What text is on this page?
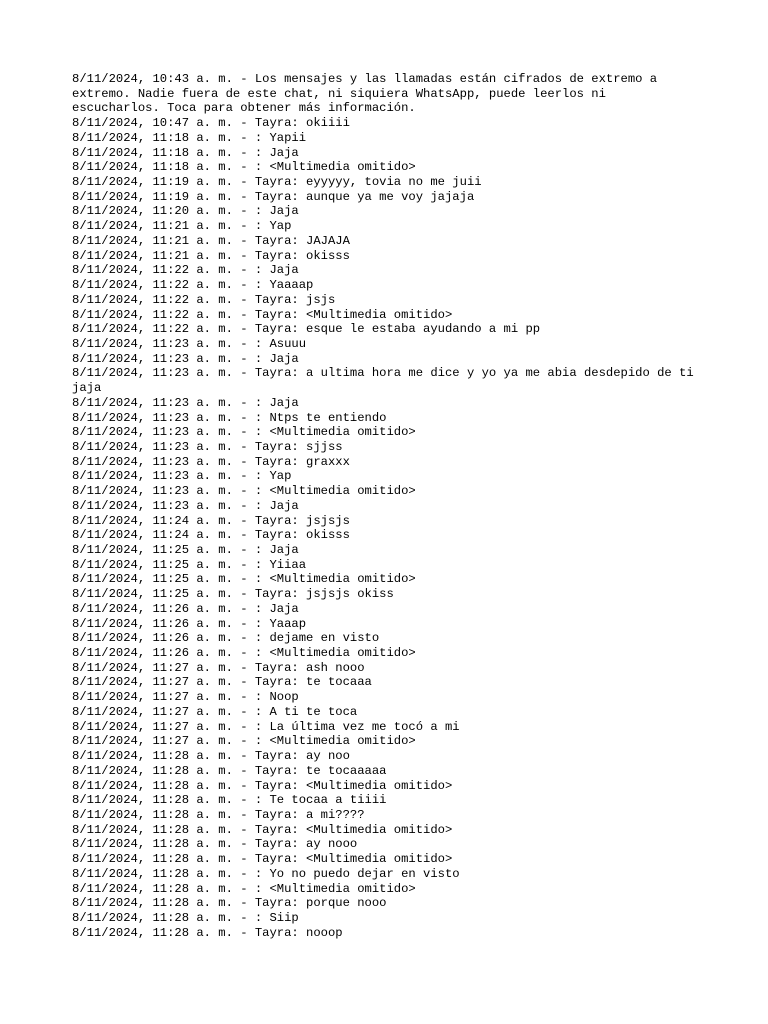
8/11/2024, 10:43 a. m. - Los mensajes y las llamadas están cifrados de extremo a extremo. Nadie fuera de este chat, ni siquiera WhatsApp, puede leerlos ni escucharlos. Toca para obtener más información.

8/11/2024, 10:47 a. m. - Tayra: okiiii

8/11/2024, 11:18 a. m. - : Yapii

8/11/2024, 11:18 a. m. - : Jaja

8/11/2024, 11:18 a. m. - : <Multimedia omitido>

8/11/2024, 11:19 a. m. - Tayra: eyyyyy, tovia no me juii

8/11/2024, 11:19 a. m. - Tayra: aunque ya me voy jajaja

8/11/2024, 11:20 a. m. - : Jaja

8/11/2024, 11:21 a. m. - : Yap

8/11/2024, 11:21 a. m. - Tayra: JAJAJA

8/11/2024, 11:21 a. m. - Tayra: okisss

8/11/2024, 11:22 a. m. - : Jaja

8/11/2024, 11:22 a. m. - : Yaaaap

8/11/2024, 11:22 a. m. - Tayra: jsjs

8/11/2024, 11:22 a. m. - Tayra: <Multimedia omitido>

8/11/2024, 11:22 a. m. - Tayra: esque le estaba ayudando a mi pp

8/11/2024, 11:23 a. m. - : Asuuu

8/11/2024, 11:23 a. m. - : Jaja

8/11/2024, 11:23 a. m. - Tayra: a ultima hora me dice y yo ya me abia desdepido de ti jaja

8/11/2024, 11:23 a. m. - : Jaja

8/11/2024, 11:23 a. m. - : Ntps te entiendo

8/11/2024, 11:23 a. m. - : <Multimedia omitido>

8/11/2024, 11:23 a. m. - Tayra: sjjss

8/11/2024, 11:23 a. m. - Tayra: graxxx

8/11/2024, 11:23 a. m. - : Yap

8/11/2024, 11:23 a. m. - : <Multimedia omitido>

8/11/2024, 11:23 a. m. - : Jaja

8/11/2024, 11:24 a. m. - Tayra: jsjsjs

8/11/2024, 11:24 a. m. - Tayra: okisss

8/11/2024, 11:25 a. m. - : Jaja

8/11/2024, 11:25 a. m. - : Yiiaa

8/11/2024, 11:25 a. m. - : <Multimedia omitido>

8/11/2024, 11:25 a. m. - Tayra: jsjsjs okiss

8/11/2024, 11:26 a. m. - : Jaja

8/11/2024, 11:26 a. m. - : Yaaap

8/11/2024, 11:26 a. m. - : dejame en visto

8/11/2024, 11:26 a. m. - : <Multimedia omitido>

8/11/2024, 11:27 a. m. - Tayra: ash nooo

8/11/2024, 11:27 a. m. - Tayra: te tocaaa

8/11/2024, 11:27 a. m. - : Noop

8/11/2024, 11:27 a. m. - : A ti te toca

8/11/2024, 11:27 a. m. - : La última vez me tocó a mi

8/11/2024, 11:27 a. m. - : <Multimedia omitido>

8/11/2024, 11:28 a. m. - Tayra: ay noo

8/11/2024, 11:28 a. m. - Tayra: te tocaaaaa

8/11/2024, 11:28 a. m. - Tayra: <Multimedia omitido>

8/11/2024, 11:28 a. m. - : Te tocaa a tiiii

8/11/2024, 11:28 a. m. - Tayra: a mi????

8/11/2024, 11:28 a. m. - Tayra: <Multimedia omitido>

8/11/2024, 11:28 a. m. - Tayra: ay nooo

8/11/2024, 11:28 a. m. - Tayra: <Multimedia omitido>

8/11/2024, 11:28 a. m. - : Yo no puedo dejar en visto

8/11/2024, 11:28 a. m. - : <Multimedia omitido>

8/11/2024, 11:28 a. m. - Tayra: porque nooo

8/11/2024, 11:28 a. m. - : Siip

8/11/2024, 11:28 a. m. - Tayra: nooop
